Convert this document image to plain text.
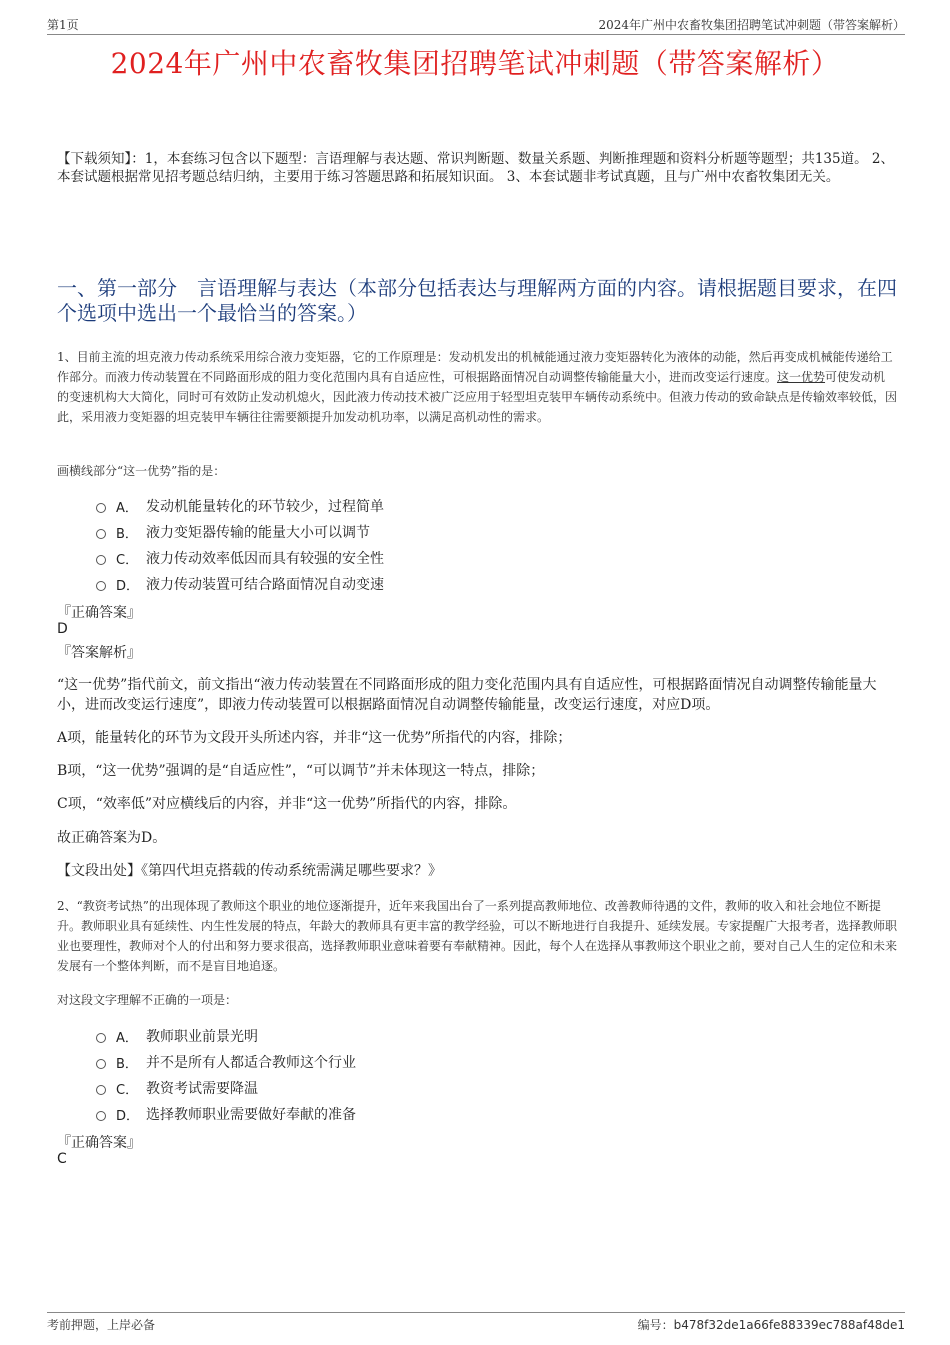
第1页	2024年广州中农畜牧集团招聘笔试冲刺题（带答案解析）
2024年广州中农畜牧集团招聘笔试冲刺题（带答案解析）
【下载须知】：1，本套练习包含以下题型：言语理解与表达题、常识判断题、数量关系题、判断推理题和资料分析题等题型；共135道。 2、本套试题根据常见招考题总结归纳，主要用于练习答题思路和拓展知识面。 3、本套试题非考试真题，且与广州中农畜牧集团无关。
一、第一部分　言语理解与表达（本部分包括表达与理解两方面的内容。请根据题目要求，在四个选项中选出一个最恰当的答案。）
1、目前主流的坦克液力传动系统采用综合液力变矩器，它的工作原理是：发动机发出的机械能通过液力变矩器转化为液体的动能，然后再变成机械能传递给工作部分。而液力传动装置在不同路面形成的阻力变化范围内具有自适应性，可根据路面情况自动调整传输能量大小，进而改变运行速度。这一优势可使发动机的变速机构大大简化，同时可有效防止发动机熄火，因此液力传动技术被广泛应用于轻型坦克装甲车辆传动系统中。但液力传动的致命缺点是传输效率较低，因此，采用液力变矩器的坦克装甲车辆往往需要额提升加发动机功率，以满足高机动性的需求。
画横线部分“这一优势”指的是：
A． 发动机能量转化的环节较少，过程简单
B． 液力变矩器传输的能量大小可以调节
C． 液力传动效率低因而具有较强的安全性
D． 液力传动装置可结合路面情况自动变速
『正确答案』
D
『答案解析』
“这一优势”指代前文，前文指出“液力传动装置在不同路面形成的阻力变化范围内具有自适应性，可根据路面情况自动调整传输能量大小，进而改变运行速度”，即液力传动装置可以根据路面情况自动调整传输能量，改变运行速度，对应D项。
A项，能量转化的环节为文段开头所述内容，并非“这一优势”所指代的内容，排除；
B项，“这一优势”强调的是“自适应性”，“可以调节”并未体现这一特点，排除；
C项，“效率低”对应横线后的内容，并非“这一优势”所指代的内容，排除。
故正确答案为D。
【文段出处】《第四代坦克搭载的传动系统需满足哪些要求？》
2、“教资考试热”的出现体现了教师这个职业的地位逐渐提升，近年来我国出台了一系列提高教师地位、改善教师待遇的文件，教师的收入和社会地位不断提升。教师职业具有延续性、内生性发展的特点，年龄大的教师具有更丰富的教学经验，可以不断地进行自我提升、延续发展。专家提醒广大报考者，选择教师职业也要理性，教师对个人的付出和努力要求很高，选择教师职业意味着要有奉献精神。因此，每个人在选择从事教师这个职业之前，要对自己人生的定位和未来发展有一个整体判断，而不是盲目地追逐。
对这段文字理解不正确的一项是：
A． 教师职业前景光明
B． 并不是所有人都适合教师这个行业
C． 教资考试需要降温
D． 选择教师职业需要做好奉献的准备
『正确答案』
C
考前押题，上岸必备	编号：b478f32de1a66fe88339ec788af48de1
